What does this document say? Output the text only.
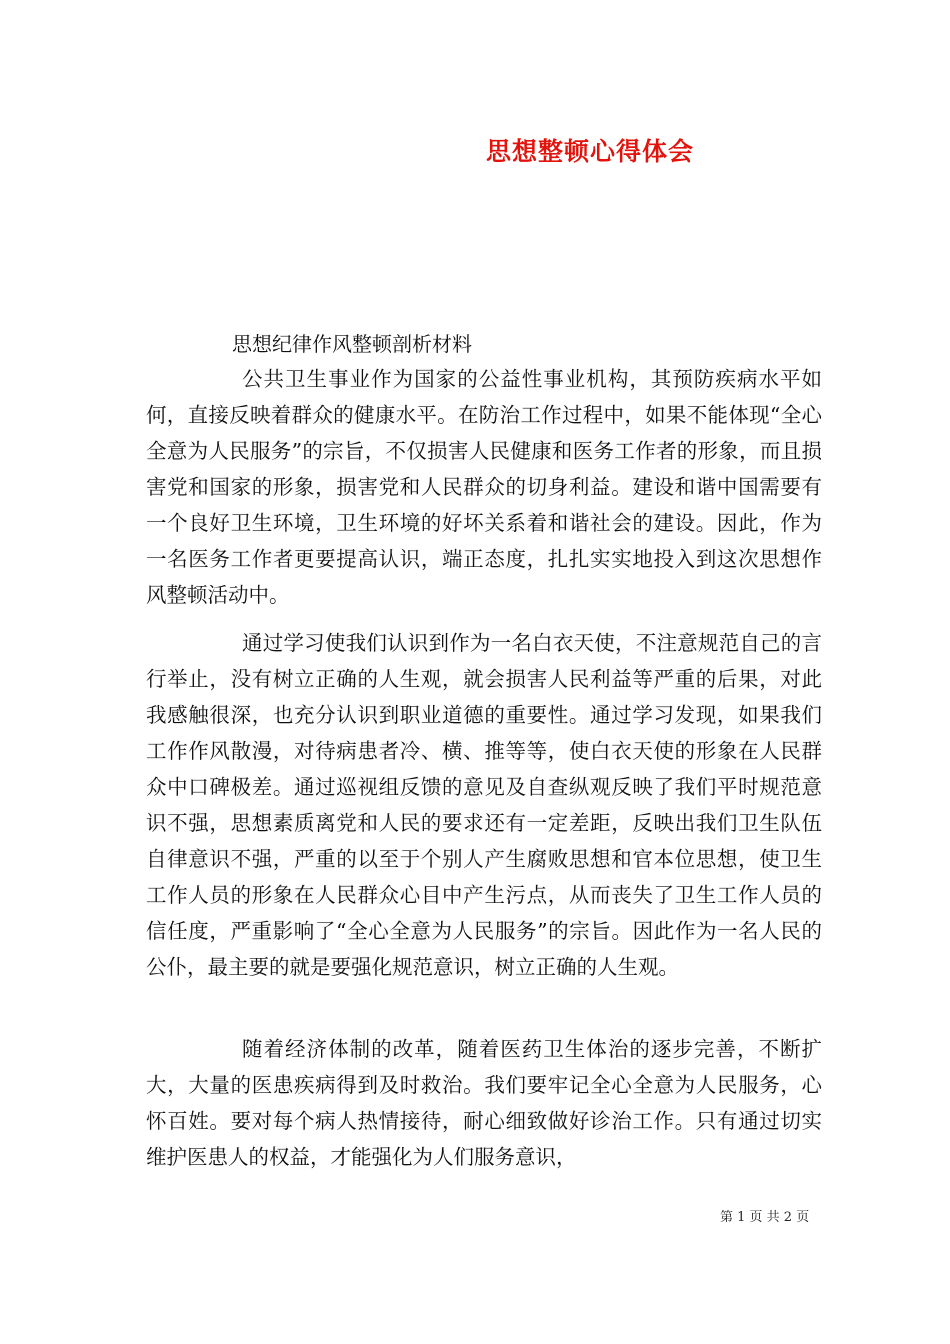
思想整顿心得体会
思想纪律作风整顿剖析材料

公共卫生事业作为国家的公益性事业机构，其预防疾病水平如何，直接反映着群众的健康水平。在防治工作过程中，如果不能体现“全心全意为人民服务”的宗旨，不仅损害人民健康和医务工作者的形象，而且损害党和国家的形象，损害党和人民群众的切身利益。建设和谐中国需要有一个良好卫生环境，卫生环境的好坏关系着和谐社会的建设。因此，作为一名医务工作者更要提高认识，端正态度，扎扎实实地投入到这次思想作风整顿活动中。

通过学习使我们认识到作为一名白衣天使，不注意规范自己的言行举止，没有树立正确的人生观，就会损害人民利益等严重的后果，对此我感触很深，也充分认识到职业道德的重要性。通过学习发现，如果我们工作作风散漫，对待病患者冷、横、推等等，使白衣天使的形象在人民群众中口碑极差。通过巡视组反馈的意见及自查纵观反映了我们平时规范意识不强，思想素质离党和人民的要求还有一定差距，反映出我们卫生队伍自律意识不强，严重的以至于个别人产生腐败思想和官本位思想，使卫生工作人员的形象在人民群众心目中产生污点，从而丧失了卫生工作人员的信任度，严重影响了“全心全意为人民服务”的宗旨。因此作为一名人民的公仆，最主要的就是要强化规范意识，树立正确的人生观。

随着经济体制的改革，随着医药卫生体治的逐步完善，不断扩大，大量的医患疾病得到及时救治。我们要牢记全心全意为人民服务，心怀百姓。要对每个病人热情接待，耐心细致做好诊治工作。只有通过切实维护医患人的权益，才能强化为人们服务意识，

第 1 页 共 2 页
